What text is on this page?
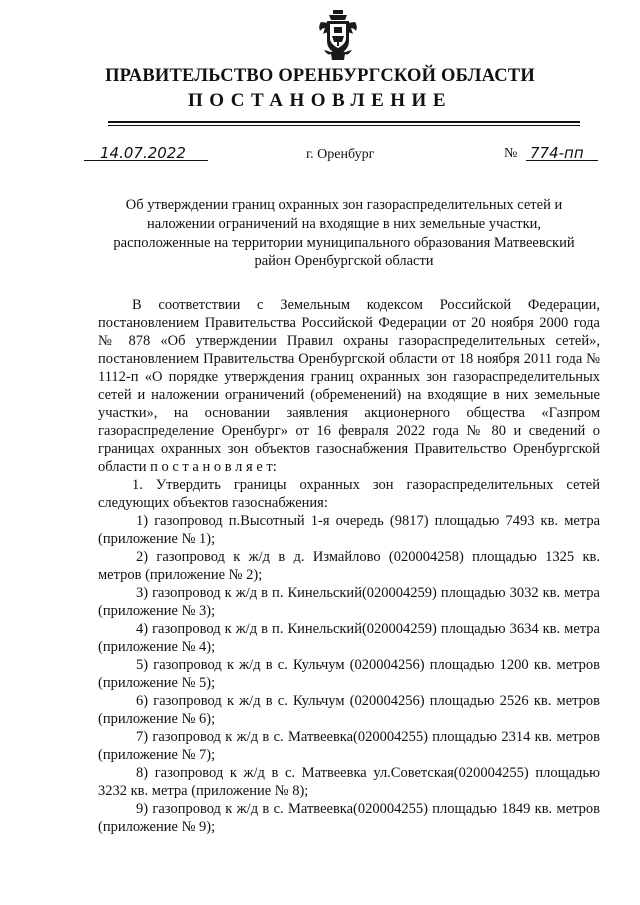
ПРАВИТЕЛЬСТВО ОРЕНБУРГСКОЙ ОБЛАСТИ
ПОСТАНОВЛЕНИЕ
14.07.2022	г. Оренбург	№ 774-пп
Об утверждении границ охранных зон газораспределительных сетей и наложении ограничений на входящие в них земельные участки, расположенные на территории муниципального образования Матвеевский район Оренбургской области

В соответствии с Земельным кодексом Российской Федерации, постановлением Правительства Российской Федерации от 20 ноября 2000 года № 878 «Об утверждении Правил охраны газораспределительных сетей», постановлением Правительства Оренбургской области от 18 ноября 2011 года № 1112-п «О порядке утверждения границ охранных зон газораспределительных сетей и наложении ограничений (обременений) на входящие в них земельные участки», на основании заявления акционерного общества «Газпром газораспределение Оренбург» от 16 февраля 2022 года № 80 и сведений о границах охранных зон объектов газоснабжения Правительство Оренбургской области п о с т а н о в л я е т:

1. Утвердить границы охранных зон газораспределительных сетей следующих объектов газоснабжения:

1) газопровод п.Высотный 1-я очередь (9817) площадью 7493 кв. метра (приложение № 1);

2) газопровод к ж/д в д. Измайлово (020004258) площадью 1325 кв. метров (приложение № 2);

3) газопровод к ж/д в п. Кинельский(020004259) площадью 3032 кв. метра (приложение № 3);

4) газопровод к ж/д в п. Кинельский(020004259) площадью 3634 кв. метра (приложение № 4);

5) газопровод к ж/д в с. Кульчум (020004256) площадью 1200 кв. метров (приложение № 5);

6) газопровод к ж/д в с. Кульчум (020004256) площадью 2526 кв. метров (приложение № 6);

7) газопровод к ж/д в с. Матвеевка(020004255) площадью 2314 кв. метров (приложение № 7);

8) газопровод к ж/д в с. Матвеевка ул.Советская(020004255) площадью 3232 кв. метра (приложение № 8);

9) газопровод к ж/д в с. Матвеевка(020004255) площадью 1849 кв. метров (приложение № 9);
